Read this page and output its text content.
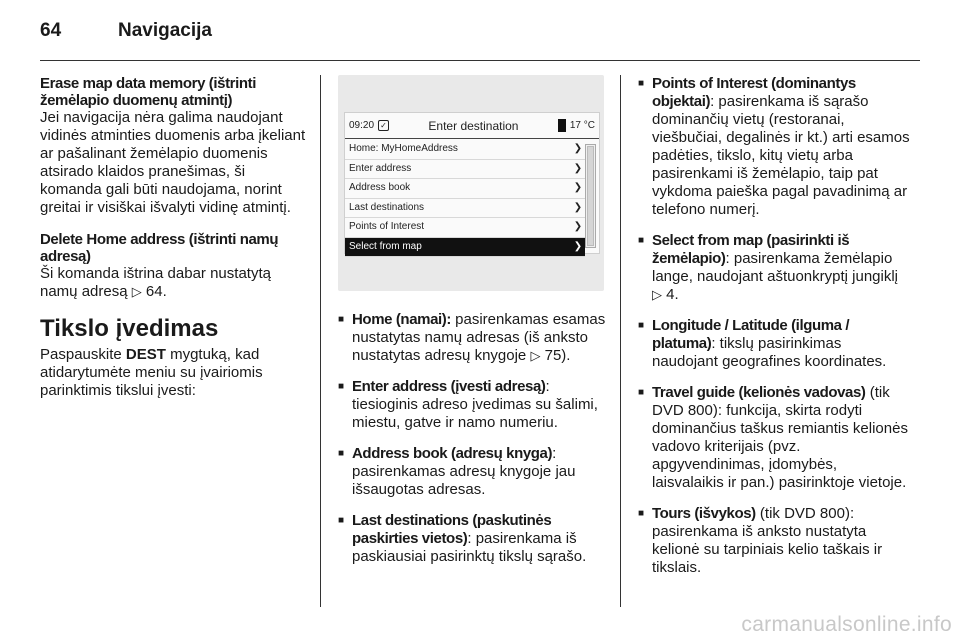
64	Navigacija
Erase map data memory (ištrinti žemėlapio duomenų atmintį)
Jei navigacija nėra galima naudojant vidinės atminties duomenis arba įkeliant ar pašalinant žemėlapio duomenis atsirado klaidos pranešimas, ši komanda gali būti naudojama, norint greitai ir visiškai išvalyti vidinę atmintį.
Delete Home address (ištrinti namų adresą)
Ši komanda ištrina dabar nustatytą namų adresą ▷ 64.
Tikslo įvedimas
Paspauskite DEST mygtuką, kad atidarytumėte meniu su įvairiomis parinktimis tikslui įvesti:
09:20 ✓	Enter destination	17 °C
Home: MyHomeAddress	❯
Enter address	❯
Address book	❯
Last destinations	❯
Points of Interest	❯
Select from map	❯
■ Home (namai): pasirenkamas esamas nustatytas namų adresas (iš anksto nustatytas adresų knygoje ▷ 75).
■ Enter address (įvesti adresą): tiesioginis adreso įvedimas su šalimi, miestu, gatve ir namo numeriu.
■ Address book (adresų knyga): pasirenkamas adresų knygoje jau išsaugotas adresas.
■ Last destinations (paskutinės paskirties vietos): pasirenkama iš paskiausiai pasirinktų tikslų sąrašo.
■ Points of Interest (dominantys objektai): pasirenkama iš sąrašo dominančių vietų (restoranai, viešbučiai, degalinės ir kt.) arti esamos padėties, tikslo, kitų vietų arba pasirenkami iš žemėlapio, taip pat vykdoma paieška pagal pavadinimą ar telefono numerį.
■ Select from map (pasirinkti iš žemėlapio): pasirenkama žemėlapio lange, naudojant aštuonkryptį jungiklį ▷ 4.
■ Longitude / Latitude (ilguma / platuma): tikslų pasirinkimas naudojant geografines koordinates.
■ Travel guide (kelionės vadovas) (tik DVD 800): funkcija, skirta rodyti dominančius taškus remiantis kelionės vadovo kriterijais (pvz. apgyvendinimas, įdomybės, laisvalaikis ir pan.) pasirinktoje vietoje.
■ Tours (išvykos) (tik DVD 800): pasirenkama iš anksto nustatyta kelionė su tarpiniais kelio taškais ir tikslais.
carmanualsonline.info
